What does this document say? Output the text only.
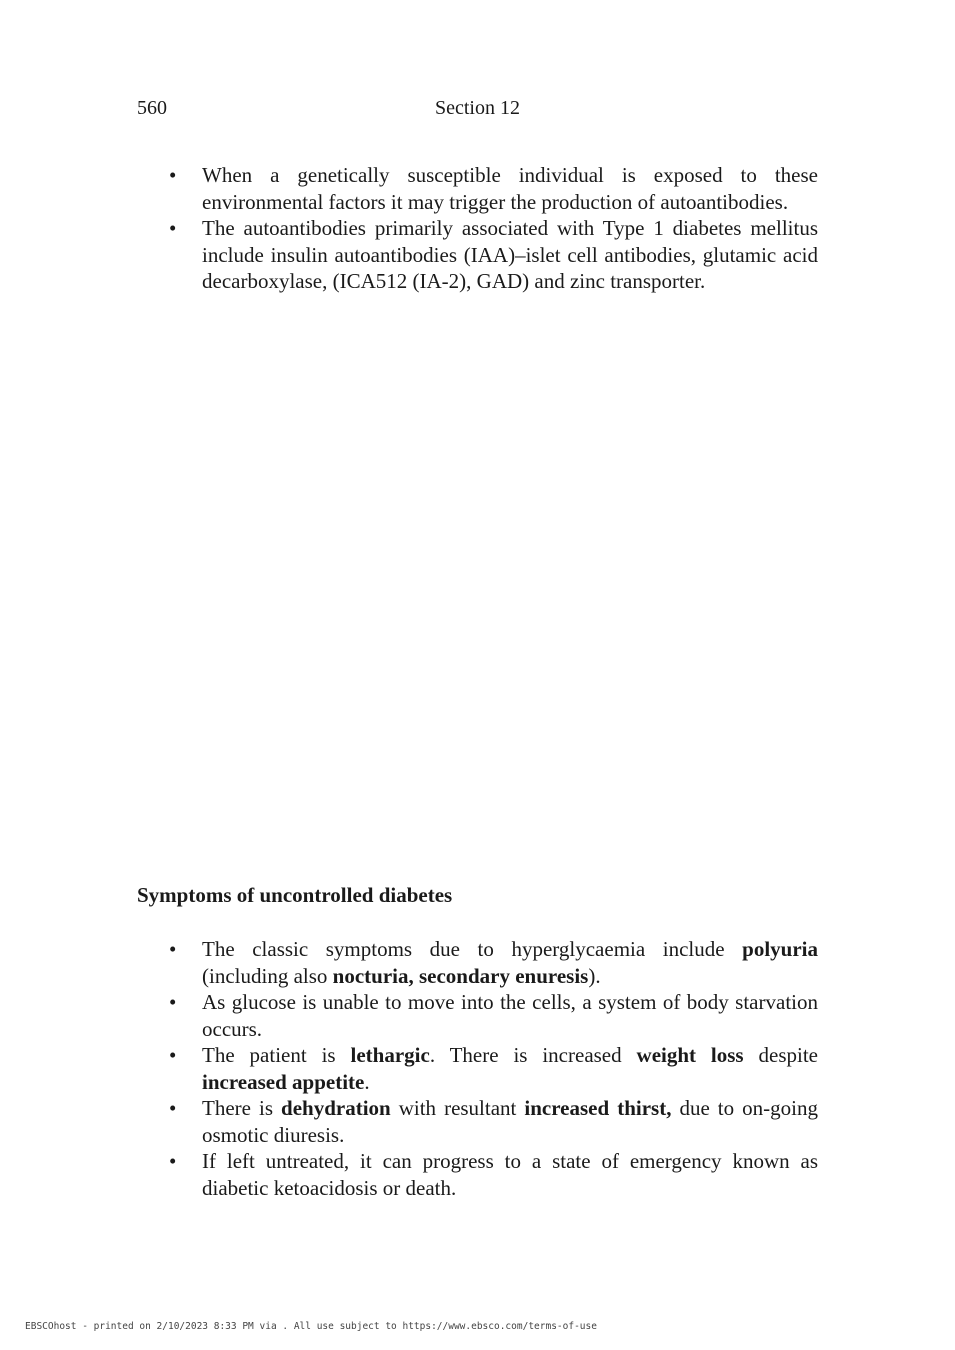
560	Section 12
• When a genetically susceptible individual is exposed to these environmental factors it may trigger the production of autoantibodies.
• The autoantibodies primarily associated with Type 1 diabetes mellitus include insulin autoantibodies (IAA)–islet cell antibodies, glutamic acid decarboxylase, (ICA512 (IA-2), GAD) and zinc transporter.
Symptoms of uncontrolled diabetes
• The classic symptoms due to hyperglycaemia include polyuria (including also nocturia, secondary enuresis).
• As glucose is unable to move into the cells, a system of body starvation occurs.
• The patient is lethargic. There is increased weight loss despite increased appetite.
• There is dehydration with resultant increased thirst, due to on-going osmotic diuresis.
• If left untreated, it can progress to a state of emergency known as diabetic ketoacidosis or death.
EBSCOhost - printed on 2/10/2023 8:33 PM via . All use subject to https://www.ebsco.com/terms-of-use
